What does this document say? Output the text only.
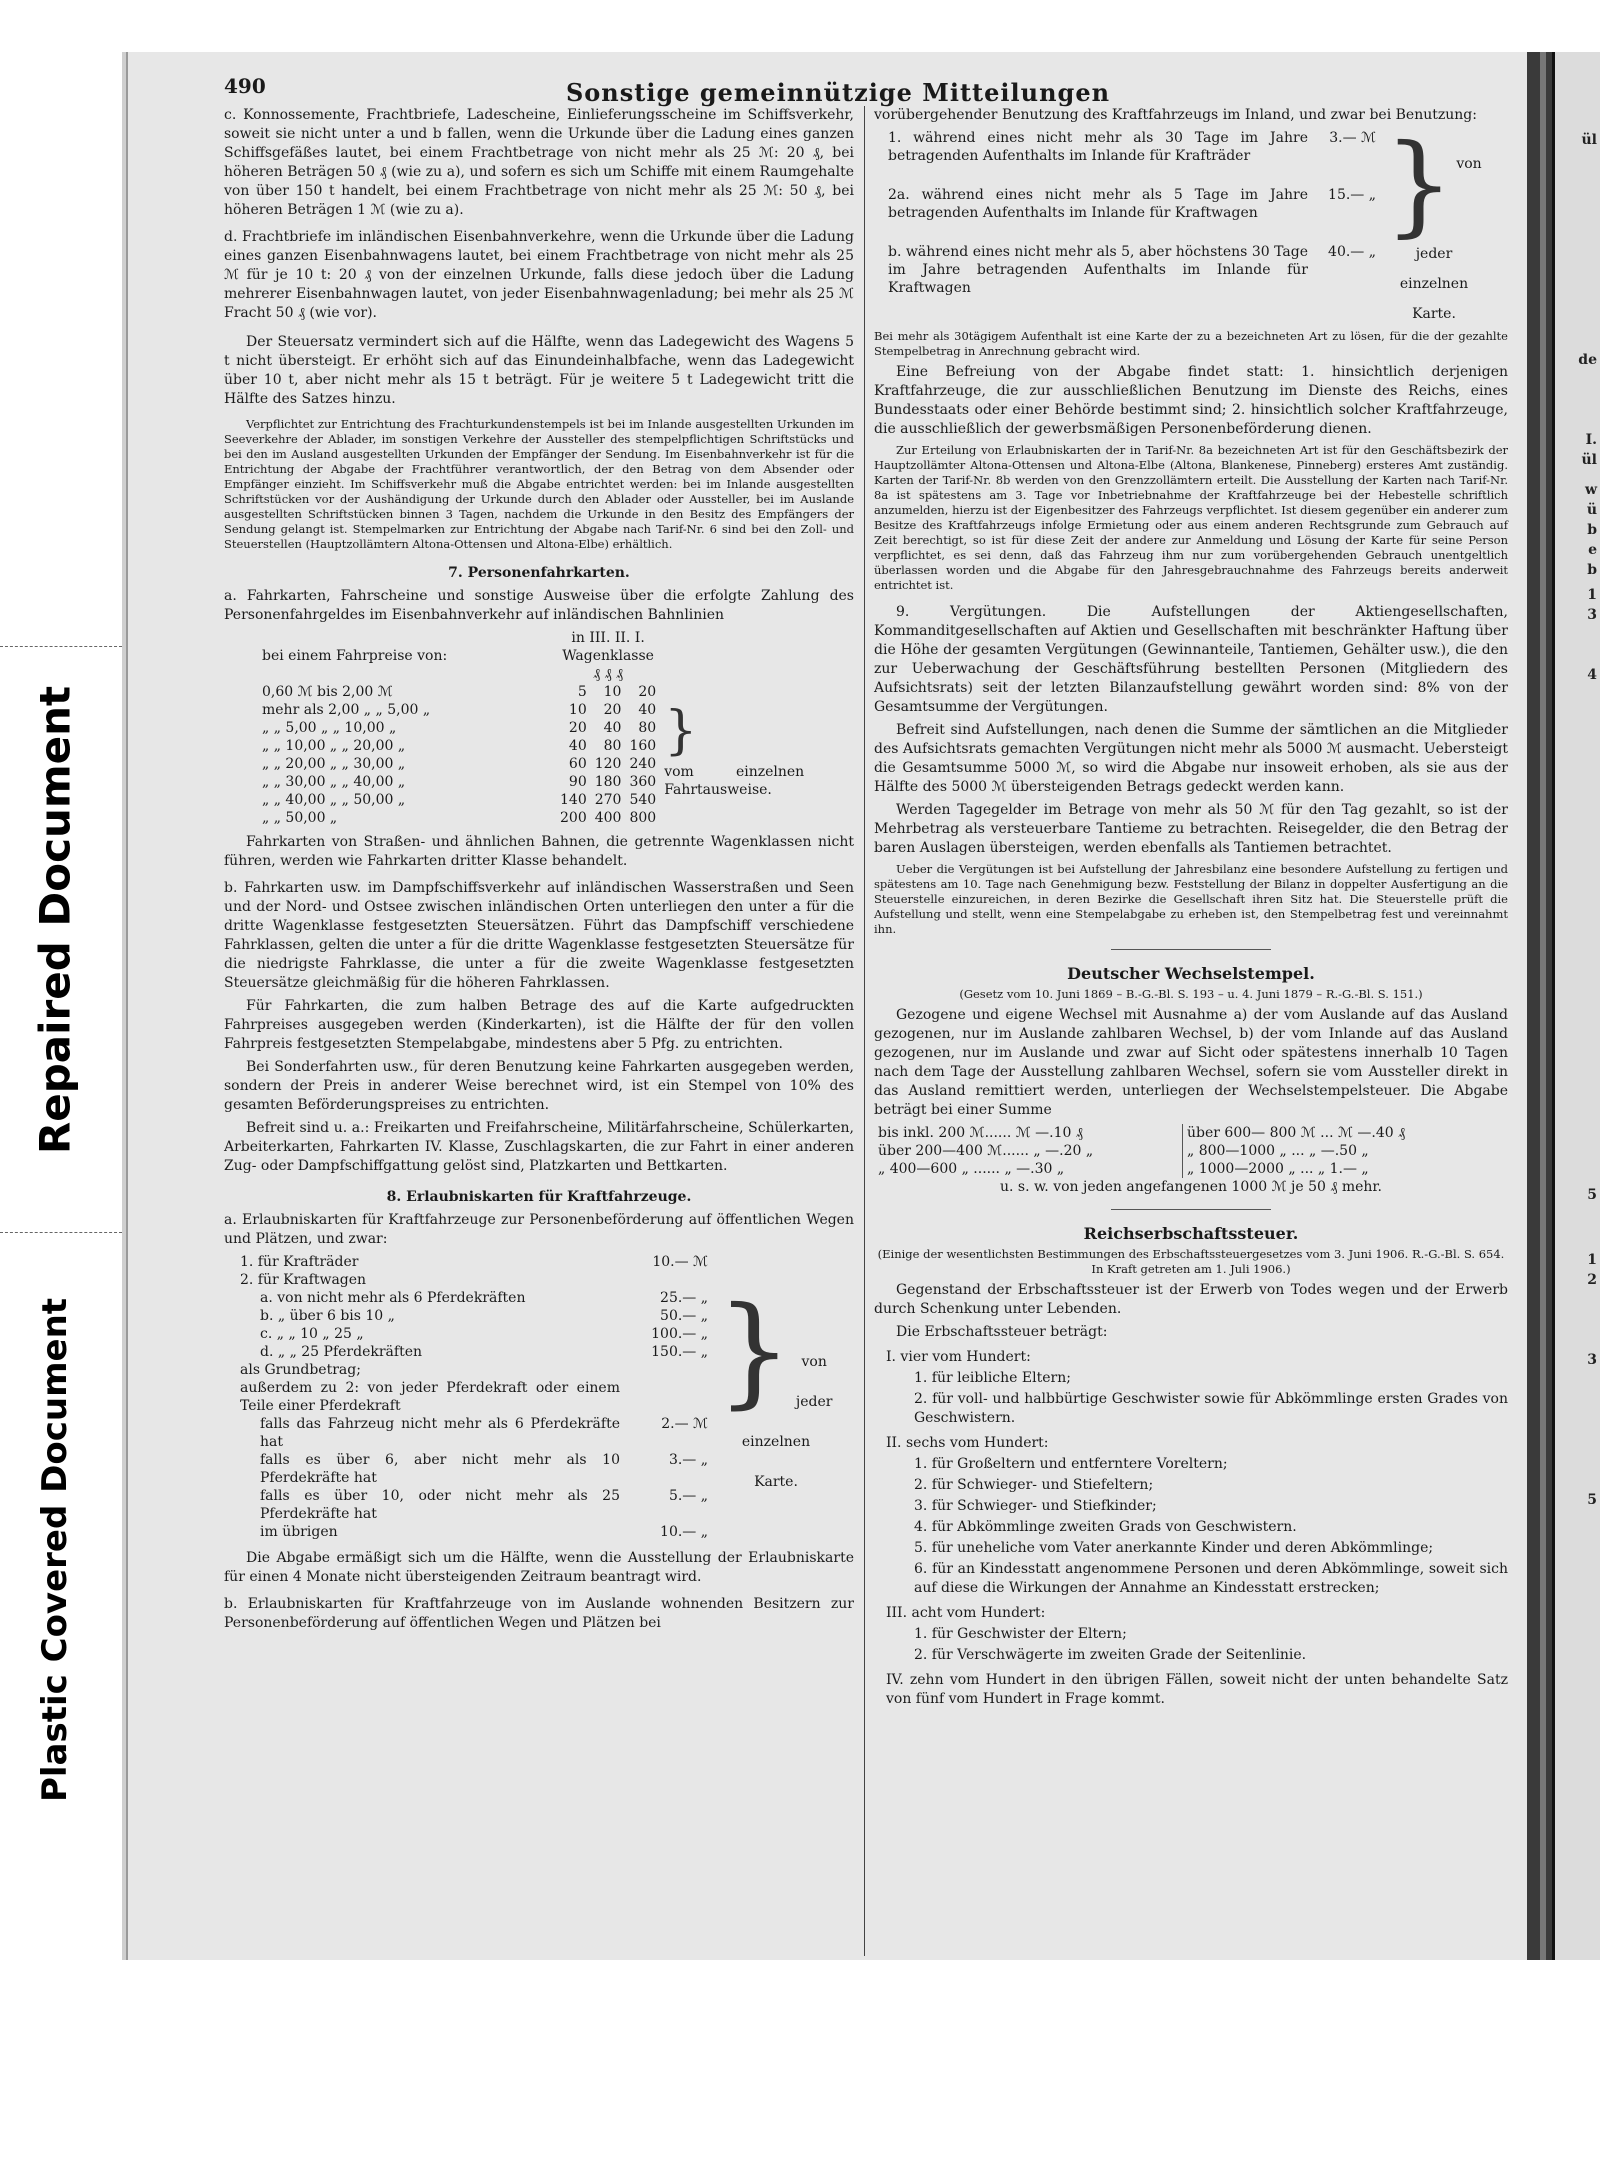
Repaired Document
Plastic Covered Document
490	Sonstige gemeinnützige Mitteilungen

c. Konnossemente, Frachtbriefe, Ladescheine, Einlieferungsscheine im Schiffsverkehr, soweit sie nicht unter a und b fallen, wenn die Urkunde über die Ladung eines ganzen Schiffsgefäßes lautet, bei einem Frachtbetrage von nicht mehr als 25 ℳ: 20 ₰, bei höheren Beträgen 50 ₰ (wie zu a), und sofern es sich um Schiffe mit einem Raumgehalte von über 150 t handelt, bei einem Frachtbetrage von nicht mehr als 25 ℳ: 50 ₰, bei höheren Beträgen 1 ℳ (wie zu a).

d. Frachtbriefe im inländischen Eisenbahnverkehre, wenn die Urkunde über die Ladung eines ganzen Eisenbahnwagens lautet, bei einem Frachtbetrage von nicht mehr als 25 ℳ für je 10 t: 20 ₰ von der einzelnen Urkunde, falls diese jedoch über die Ladung mehrerer Eisenbahnwagen lautet, von jeder Eisenbahnwagenladung; bei mehr als 25 ℳ Fracht 50 ₰ (wie vor).

Der Steuersatz vermindert sich auf die Hälfte, wenn das Ladegewicht des Wagens 5 t nicht übersteigt. Er erhöht sich auf das Einundeinhalbfache, wenn das Ladegewicht über 10 t, aber nicht mehr als 15 t beträgt. Für je weitere 5 t Ladegewicht tritt die Hälfte des Satzes hinzu.

Verpflichtet zur Entrichtung des Frachturkundenstempels ist bei im Inlande ausgestellten Urkunden im Seeverkehre der Ablader, im sonstigen Verkehre der Aussteller des stempelpflichtigen Schriftstücks und bei den im Ausland ausgestellten Urkunden der Empfänger der Sendung. Im Eisenbahnverkehr ist für die Entrichtung der Abgabe der Frachtführer verantwortlich, der den Betrag von dem Absender oder Empfänger einzieht. Im Schiffsverkehr muß die Abgabe entrichtet werden: bei im Inlande ausgestellten Schriftstücken vor der Aushändigung der Urkunde durch den Ablader oder Aussteller, bei im Auslande ausgestellten Schriftstücken binnen 3 Tagen, nachdem die Urkunde in den Besitz des Empfängers der Sendung gelangt ist. Stempelmarken zur Entrichtung der Abgabe nach Tarif-Nr. 6 sind bei den Zoll- und Steuerstellen (Hauptzollämtern Altona-Ottensen und Altona-Elbe) erhältlich.

7. Personenfahrkarten.

a. Fahrkarten, Fahrscheine und sonstige Ausweise über die erfolgte Zahlung des Personenfahrgeldes im Eisenbahnverkehr auf inländischen Bahnlinien

	in III. II. I.			
bei einem Fahrpreise von:	Wagenklasse			
	₰ ₰ ₰			
0,60 ℳ bis 2,00 ℳ	5	10	20	}
vom einzelnen Fahrtausweise.

mehr als 2,00 „ „ 5,00 „	10	20	40	
„ „ 5,00 „ „ 10,00 „	20	40	80	
„ „ 10,00 „ „ 20,00 „	40	80	160	
„ „ 20,00 „ „ 30,00 „	60	120	240	
„ „ 30,00 „ „ 40,00 „	90	180	360	
„ „ 40,00 „ „ 50,00 „	140	270	540	
„ „ 50,00 „	200	400	800	

Fahrkarten von Straßen- und ähnlichen Bahnen, die getrennte Wagenklassen nicht führen, werden wie Fahrkarten dritter Klasse behandelt.

b. Fahrkarten usw. im Dampfschiffsverkehr auf inländischen Wasserstraßen und Seen und der Nord- und Ostsee zwischen inländischen Orten unterliegen den unter a für die dritte Wagenklasse festgesetzten Steuersätzen. Führt das Dampfschiff verschiedene Fahrklassen, gelten die unter a für die dritte Wagenklasse festgesetzten Steuersätze für die niedrigste Fahrklasse, die unter a für die zweite Wagenklasse festgesetzten Steuersätze gleichmäßig für die höheren Fahrklassen.

Für Fahrkarten, die zum halben Betrage des auf die Karte aufgedruckten Fahrpreises ausgegeben werden (Kinderkarten), ist die Hälfte der für den vollen Fahrpreis festgesetzten Stempelabgabe, mindestens aber 5 Pfg. zu entrichten.

Bei Sonderfahrten usw., für deren Benutzung keine Fahrkarten ausgegeben werden, sondern der Preis in anderer Weise berechnet wird, ist ein Stempel von 10% des gesamten Beförderungspreises zu entrichten.

Befreit sind u. a.: Freikarten und Freifahrscheine, Militärfahrscheine, Schülerkarten, Arbeiterkarten, Fahrkarten IV. Klasse, Zuschlagskarten, die zur Fahrt in einer anderen Zug- oder Dampfschiffgattung gelöst sind, Platzkarten und Bettkarten.

8. Erlaubniskarten für Kraftfahrzeuge.

a. Erlaubniskarten für Kraftfahrzeuge zur Personenbeförderung auf öffentlichen Wegen und Plätzen, und zwar:

1. für Krafträder	10.— ℳ	} von
jeder
einzelnen
Karte.

2. für Kraftwagen		
a. von nicht mehr als 6 Pferdekräften	25.— „	
b. „ über 6 bis 10 „	50.— „	
c. „ „ 10 „ 25 „	100.— „	
d. „ „ 25 Pferdekräften	150.— „	
als Grundbetrag;		
außerdem zu 2: von jeder Pferdekraft oder einem Teile einer Pferdekraft		
falls das Fahrzeug nicht mehr als 6 Pferdekräfte hat	2.— ℳ	
falls es über 6, aber nicht mehr als 10 Pferdekräfte hat	3.— „	
falls es über 10, oder nicht mehr als 25 Pferdekräfte hat	5.— „	
im übrigen	10.— „	

Die Abgabe ermäßigt sich um die Hälfte, wenn die Ausstellung der Erlaubniskarte für einen 4 Monate nicht übersteigenden Zeitraum beantragt wird.

b. Erlaubniskarten für Kraftfahrzeuge von im Auslande wohnenden Besitzern zur Personenbeförderung auf öffentlichen Wegen und Plätzen bei

vorübergehender Benutzung des Kraftfahrzeugs im Inland, und zwar bei Benutzung:

1. während eines nicht mehr als 30 Tage im Jahre betragenden Aufenthalts im Inlande für Krafträder	3.— ℳ	} von
jeder
einzelnen
Karte.

2a. während eines nicht mehr als 5 Tage im Jahre betragenden Aufenthalts im Inlande für Kraftwagen	15.— „	
b. während eines nicht mehr als 5, aber höchstens 30 Tage im Jahre betragenden Aufenthalts im Inlande für Kraftwagen	40.— „	

Bei mehr als 30tägigem Aufenthalt ist eine Karte der zu a bezeichneten Art zu lösen, für die der gezahlte Stempelbetrag in Anrechnung gebracht wird.

Eine Befreiung von der Abgabe findet statt: 1. hinsichtlich derjenigen Kraftfahrzeuge, die zur ausschließlichen Benutzung im Dienste des Reichs, eines Bundesstaats oder einer Behörde bestimmt sind; 2. hinsichtlich solcher Kraftfahrzeuge, die ausschließlich der gewerbsmäßigen Personenbeförderung dienen.

Zur Erteilung von Erlaubniskarten der in Tarif-Nr. 8a bezeichneten Art ist für den Geschäftsbezirk der Hauptzollämter Altona-Ottensen und Altona-Elbe (Altona, Blankenese, Pinneberg) ersteres Amt zuständig. Karten der Tarif-Nr. 8b werden von den Grenzzollämtern erteilt. Die Ausstellung der Karten nach Tarif-Nr. 8a ist spätestens am 3. Tage vor Inbetriebnahme der Kraftfahrzeuge bei der Hebestelle schriftlich anzumelden, hierzu ist der Eigenbesitzer des Fahrzeugs verpflichtet. Ist diesem gegenüber ein anderer zum Besitze des Kraftfahrzeugs infolge Ermietung oder aus einem anderen Rechtsgrunde zum Gebrauch auf Zeit berechtigt, so ist für diese Zeit der andere zur Anmeldung und Lösung der Karte für seine Person verpflichtet, es sei denn, daß das Fahrzeug ihm nur zum vorübergehenden Gebrauch unentgeltlich überlassen worden und die Abgabe für den Jahresgebrauchnahme des Fahrzeugs bereits anderweit entrichtet ist.

9. Vergütungen. Die Aufstellungen der Aktiengesellschaften, Kommanditgesellschaften auf Aktien und Gesellschaften mit beschränkter Haftung über die Höhe der gesamten Vergütungen (Gewinnanteile, Tantiemen, Gehälter usw.), die den zur Ueberwachung der Geschäftsführung bestellten Personen (Mitgliedern des Aufsichtsrats) seit der letzten Bilanzaufstellung gewährt worden sind: 8% von der Gesamtsumme der Vergütungen.

Befreit sind Aufstellungen, nach denen die Summe der sämtlichen an die Mitglieder des Aufsichtsrats gemachten Vergütungen nicht mehr als 5000 ℳ ausmacht. Uebersteigt die Gesamtsumme 5000 ℳ, so wird die Abgabe nur insoweit erhoben, als sie aus der Hälfte des 5000 ℳ übersteigenden Betrags gedeckt werden kann.

Werden Tagegelder im Betrage von mehr als 50 ℳ für den Tag gezahlt, so ist der Mehrbetrag als versteuerbare Tantieme zu betrachten. Reisegelder, die den Betrag der baren Auslagen übersteigen, werden ebenfalls als Tantiemen betrachtet.

Ueber die Vergütungen ist bei Aufstellung der Jahresbilanz eine besondere Aufstellung zu fertigen und spätestens am 10. Tage nach Genehmigung bezw. Feststellung der Bilanz in doppelter Ausfertigung an die Steuerstelle einzureichen, in deren Bezirke die Gesellschaft ihren Sitz hat. Die Steuerstelle prüft die Aufstellung und stellt, wenn eine Stempelabgabe zu erheben ist, den Stempelbetrag fest und vereinnahmt ihn.

Deutscher Wechselstempel.

(Gesetz vom 10. Juni 1869 – B.-G.-Bl. S. 193 – u. 4. Juni 1879 – R.-G.-Bl. S. 151.)

Gezogene und eigene Wechsel mit Ausnahme a) der vom Auslande auf das Ausland gezogenen, nur im Auslande zahlbaren Wechsel, b) der vom Inlande auf das Ausland gezogenen, nur im Auslande und zwar auf Sicht oder spätestens innerhalb 10 Tagen nach dem Tage der Ausstellung zahlbaren Wechsel, sofern sie vom Aussteller direkt in das Ausland remittiert werden, unterliegen der Wechselstempelsteuer. Die Abgabe beträgt bei einer Summe

bis inkl. 200 ℳ...... ℳ —.10 ₰	über 600— 800 ℳ ... ℳ —.40 ₰
über 200—400 ℳ...... „ —.20 „	„ 800—1000 „ ... „ —.50 „
„ 400—600 „ ...... „ —.30 „	„ 1000—2000 „ ... „ 1.— „

u. s. w. von jeden angefangenen 1000 ℳ je 50 ₰ mehr.

Reichserbschaftssteuer.

(Einige der wesentlichsten Bestimmungen des Erbschaftssteuergesetzes vom 3. Juni 1906. R.-G.-Bl. S. 654. In Kraft getreten am 1. Juli 1906.)

Gegenstand der Erbschaftssteuer ist der Erwerb von Todes wegen und der Erwerb durch Schenkung unter Lebenden.

Die Erbschaftssteuer beträgt:

I. vier vom Hundert:

1. für leibliche Eltern;

2. für voll- und halbbürtige Geschwister sowie für Abkömmlinge ersten Grades von Geschwistern.

II. sechs vom Hundert:

1. für Großeltern und entferntere Voreltern;

2. für Schwieger- und Stiefeltern;

3. für Schwieger- und Stiefkinder;

4. für Abkömmlinge zweiten Grads von Geschwistern.

5. für uneheliche vom Vater anerkannte Kinder und deren Abkömmlinge;

6. für an Kindesstatt angenommene Personen und deren Abkömmlinge, soweit sich auf diese die Wirkungen der Annahme an Kindesstatt erstrecken;

III. acht vom Hundert:

1. für Geschwister der Eltern;

2. für Verschwägerte im zweiten Grade der Seitenlinie.

IV. zehn vom Hundert in den übrigen Fällen, soweit nicht der unten behandelte Satz von fünf vom Hundert in Frage kommt.

ül
de
I.
ül
w
ü
b
e
b
1
3
4
5
1
2
3
5
